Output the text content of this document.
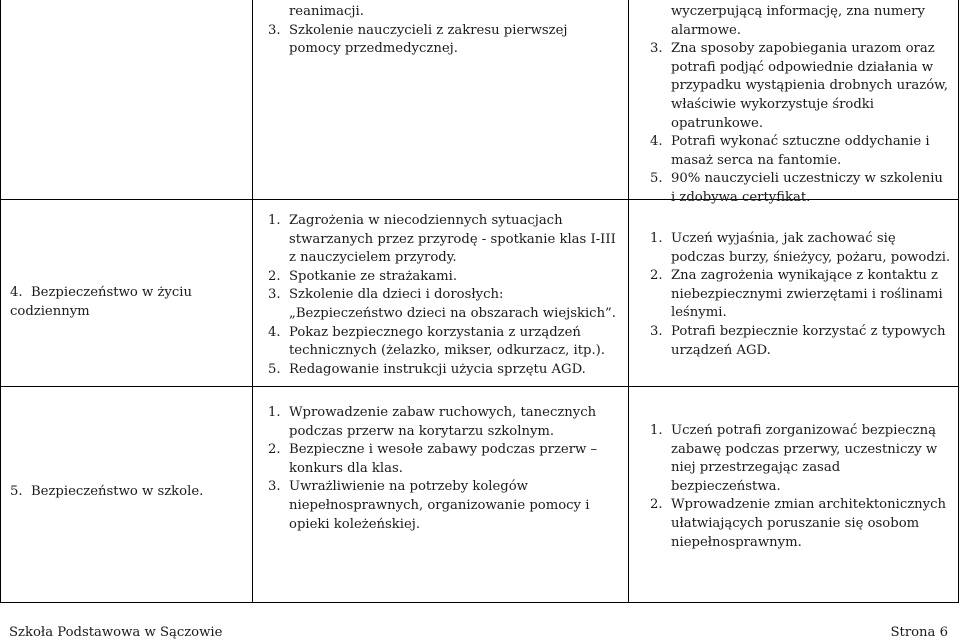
reanimacji.
3. Szkolenie nauczycieli z zakresu pierwszej pomocy przedmedycznej.
wyczerpującą informację, zna numery
alarmowe.
3. Zna sposoby zapobiegania urazom oraz potrafi podjąć odpowiednie działania w przypadku wystąpienia drobnych urazów, właściwie wykorzystuje środki opatrunkowe.
4. Potrafi wykonać sztuczne oddychanie i masaż serca na fantomie.
5. 90% nauczycieli uczestniczy w szkoleniu i zdobywa certyfikat.
4.  Bezpieczeństwo w życiu codziennym
1. Zagrożenia w niecodziennych sytuacjach stwarzanych przez przyrodę - spotkanie klas I-III z nauczycielem przyrody.
2. Spotkanie ze strażakami.
3. Szkolenie dla dzieci i dorosłych: „Bezpieczeństwo dzieci na obszarach wiejskich”.
4. Pokaz bezpiecznego korzystania z urządzeń technicznych (żelazko, mikser, odkurzacz, itp.).
5. Redagowanie instrukcji użycia sprzętu AGD.
1. Uczeń wyjaśnia, jak zachować się podczas burzy, śnieżycy, pożaru, powodzi.
2. Zna zagrożenia wynikające z kontaktu z niebezpiecznymi zwierzętami i roślinami leśnymi.
3. Potrafi bezpiecznie korzystać z typowych urządzeń AGD.
5.  Bezpieczeństwo w szkole.
1. Wprowadzenie zabaw ruchowych, tanecznych podczas przerw na korytarzu szkolnym.
2. Bezpieczne i wesołe zabawy podczas przerw – konkurs dla klas.
3. Uwrażliwienie na potrzeby kolegów niepełnosprawnych, organizowanie pomocy i opieki koleżeńskiej.
1. Uczeń potrafi zorganizować bezpieczną zabawę podczas przerwy, uczestniczy w niej przestrzegając zasad bezpieczeństwa.
2. Wprowadzenie zmian architektonicznych ułatwiających poruszanie się osobom niepełnosprawnym.
Szkoła Podstawowa w Sączowie	Strona 6
